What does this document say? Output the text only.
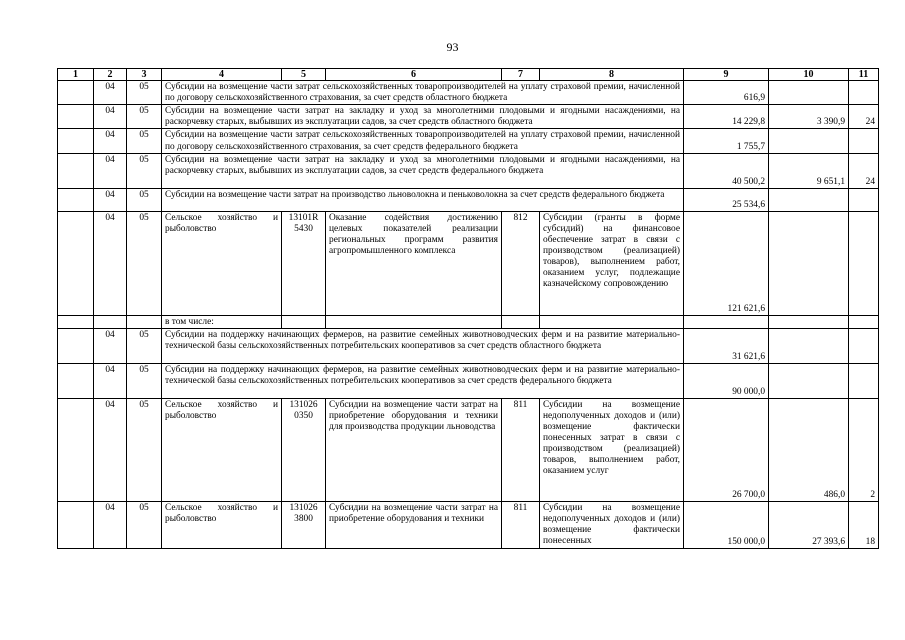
93
1	2	3	4	5	6	7	8	9	10	11
	04	05	Субсидии на возмещение части затрат сельскохозяйственных товаропроизводителей на уплату страховой премии, начисленной по договору сельскохозяйственного страхования, за счет средств областного бюджета					616,9		
	04	05	Субсидии на возмещение части затрат на закладку и уход за многолетними плодовыми и ягодными насаждениями, на раскорчевку старых, выбывших из эксплуатации садов, за счет средств областного бюджета					14 229,8	3 390,9	24
	04	05	Субсидии на возмещение части затрат сельскохозяйственных товаропроизводителей на уплату страховой премии, начисленной по договору сельскохозяйственного страхования, за счет средств федерального бюджета					1 755,7		
	04	05	Субсидии на возмещение части затрат на закладку и уход за многолетними плодовыми и ягодными насаждениями, на раскорчевку старых, выбывших из эксплуатации садов, за счет средств федерального бюджета					40 500,2	9 651,1	24
	04	05	Субсидии на возмещение части затрат на производство льноволокна и пеньковолокна за счет средств федерального бюджета					25 534,6		
	04	05	Сельское хозяйство и рыболовство	13101R 5430	Оказание содействия достижению целевых показателей реализации региональных программ развития агропромышленного комплекса	812	Субсидии (гранты в форме субсидий) на финансовое обеспечение затрат в связи с производством (реализацией) товаров), выполнением работ, оказанием услуг, подлежащие казначейскому сопровождению	121 621,6		
			в том числе:							
	04	05	Субсидии на поддержку начинающих фермеров, на развитие семейных животноводческих ферм и на развитие материально-технической базы сельскохозяйственных потребительских кооперативов за счет средств областного бюджета					31 621,6		
	04	05	Субсидии на поддержку начинающих фермеров, на развитие семейных животноводческих ферм и на развитие материально-технической базы сельскохозяйственных потребительских кооперативов за счет средств федерального бюджета					90 000,0		
	04	05	Сельское хозяйство и рыболовство	131026 0350	Субсидии на возмещение части затрат на приобретение оборудования и техники для производства продукции льноводства	811	Субсидии на возмещение недополученных доходов и (или) возмещение фактически понесенных затрат в связи с производством (реализацией) товаров, выполнением работ, оказанием услуг	26 700,0	486,0	2
	04	05	Сельское хозяйство и рыболовство	131026 3800	Субсидии на возмещение части затрат на приобретение оборудования и техники	811	Субсидии на возмещение недополученных доходов и (или) возмещение фактически понесенных	150 000,0	27 393,6	18
